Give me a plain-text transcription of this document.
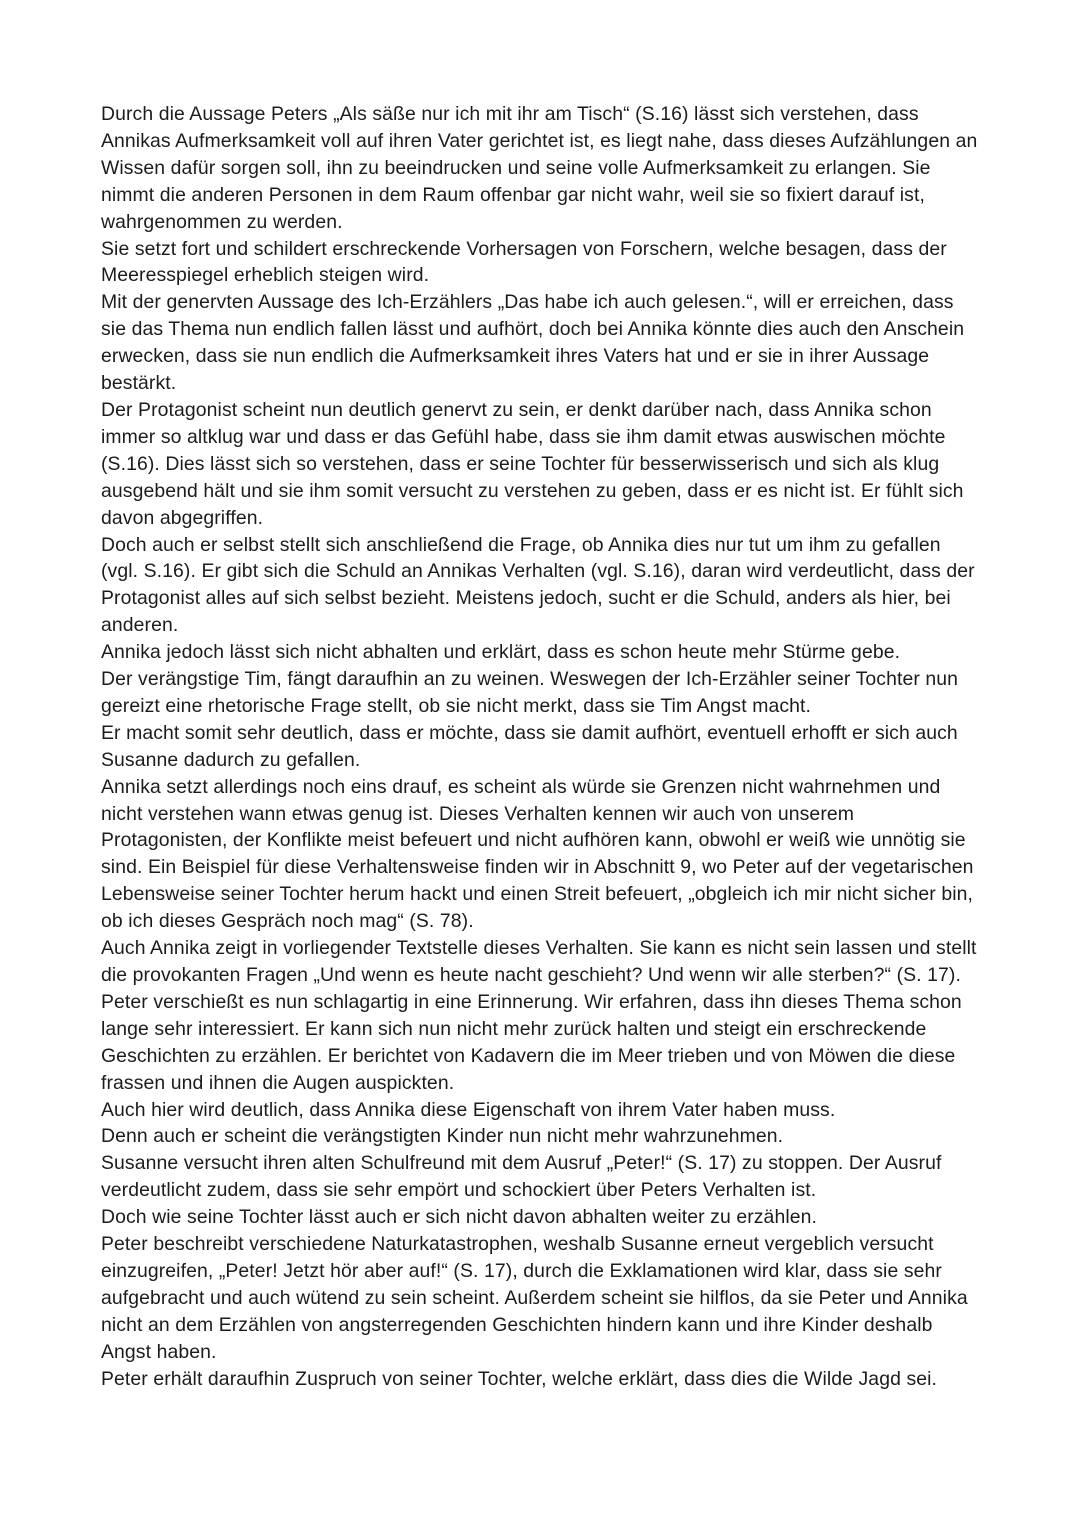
Durch die Aussage Peters „Als säße nur ich mit ihr am Tisch“ (S.16) lässt sich verstehen, dass Annikas Aufmerksamkeit voll auf ihren Vater gerichtet ist, es liegt nahe, dass dieses Aufzählungen an Wissen dafür sorgen soll, ihn zu beeindrucken und seine volle Aufmerksamkeit zu erlangen. Sie nimmt die anderen Personen in dem Raum offenbar gar nicht wahr, weil sie so fixiert darauf ist, wahrgenommen zu werden.

Sie setzt fort und schildert erschreckende Vorhersagen von Forschern, welche besagen, dass der Meeresspiegel erheblich steigen wird.

Mit der genervten Aussage des Ich-Erzählers „Das habe ich auch gelesen.“, will er erreichen, dass sie das Thema nun endlich fallen lässt und aufhört, doch bei Annika könnte dies auch den Anschein erwecken, dass sie nun endlich die Aufmerksamkeit ihres Vaters hat und er sie in ihrer Aussage bestärkt.

Der Protagonist scheint nun deutlich genervt zu sein, er denkt darüber nach, dass Annika schon immer so altklug war und dass er das Gefühl habe, dass sie ihm damit etwas auswischen möchte (S.16). Dies lässt sich so verstehen, dass er seine Tochter für besserwisserisch und sich als klug ausgebend hält und sie ihm somit versucht zu verstehen zu geben, dass er es nicht ist. Er fühlt sich davon abgegriffen.

Doch auch er selbst stellt sich anschließend die Frage, ob Annika dies nur tut um ihm zu gefallen (vgl. S.16). Er gibt sich die Schuld an Annikas Verhalten (vgl. S.16), daran wird verdeutlicht, dass der Protagonist alles auf sich selbst bezieht. Meistens jedoch, sucht er die Schuld, anders als hier, bei anderen.

Annika jedoch lässt sich nicht abhalten und erklärt, dass es schon heute mehr Stürme gebe.

Der verängstige Tim, fängt daraufhin an zu weinen. Weswegen der Ich-Erzähler seiner Tochter nun gereizt eine rhetorische Frage stellt, ob sie nicht merkt, dass sie Tim Angst macht.

Er macht somit sehr deutlich, dass er möchte, dass sie damit aufhört, eventuell erhofft er sich auch Susanne dadurch zu gefallen.

Annika setzt allerdings noch eins drauf, es scheint als würde sie Grenzen nicht wahrnehmen und nicht verstehen wann etwas genug ist. Dieses Verhalten kennen wir auch von unserem Protagonisten, der Konflikte meist befeuert und nicht aufhören kann, obwohl er weiß wie unnötig sie sind. Ein Beispiel für diese Verhaltensweise finden wir in Abschnitt 9, wo Peter auf der vegetarischen Lebensweise seiner Tochter herum hackt und einen Streit befeuert, „obgleich ich mir nicht sicher bin, ob ich dieses Gespräch noch mag“ (S. 78).

Auch Annika zeigt in vorliegender Textstelle dieses Verhalten. Sie kann es nicht sein lassen und stellt die provokanten Fragen „Und wenn es heute nacht geschieht? Und wenn wir alle sterben?“ (S. 17).

Peter verschießt es nun schlagartig in eine Erinnerung. Wir erfahren, dass ihn dieses Thema schon lange sehr interessiert. Er kann sich nun nicht mehr zurück halten und steigt ein erschreckende Geschichten zu erzählen. Er berichtet von Kadavern die im Meer trieben und von Möwen die diese frassen und ihnen die Augen auspickten.

Auch hier wird deutlich, dass Annika diese Eigenschaft von ihrem Vater haben muss.

Denn auch er scheint die verängstigten Kinder nun nicht mehr wahrzunehmen.

Susanne versucht ihren alten Schulfreund mit dem Ausruf „Peter!“ (S. 17) zu stoppen. Der Ausruf verdeutlicht zudem, dass sie sehr empört und schockiert über Peters Verhalten ist.

Doch wie seine Tochter lässt auch er sich nicht davon abhalten weiter zu erzählen.

Peter beschreibt verschiedene Naturkatastrophen, weshalb Susanne erneut vergeblich versucht einzugreifen, „Peter! Jetzt hör aber auf!“ (S. 17), durch die Exklamationen wird klar, dass sie sehr aufgebracht und auch wütend zu sein scheint. Außerdem scheint sie hilflos, da sie Peter und Annika nicht an dem Erzählen von angsterregenden Geschichten hindern kann und ihre Kinder deshalb Angst haben.

Peter erhält daraufhin Zuspruch von seiner Tochter, welche erklärt, dass dies die Wilde Jagd sei.
